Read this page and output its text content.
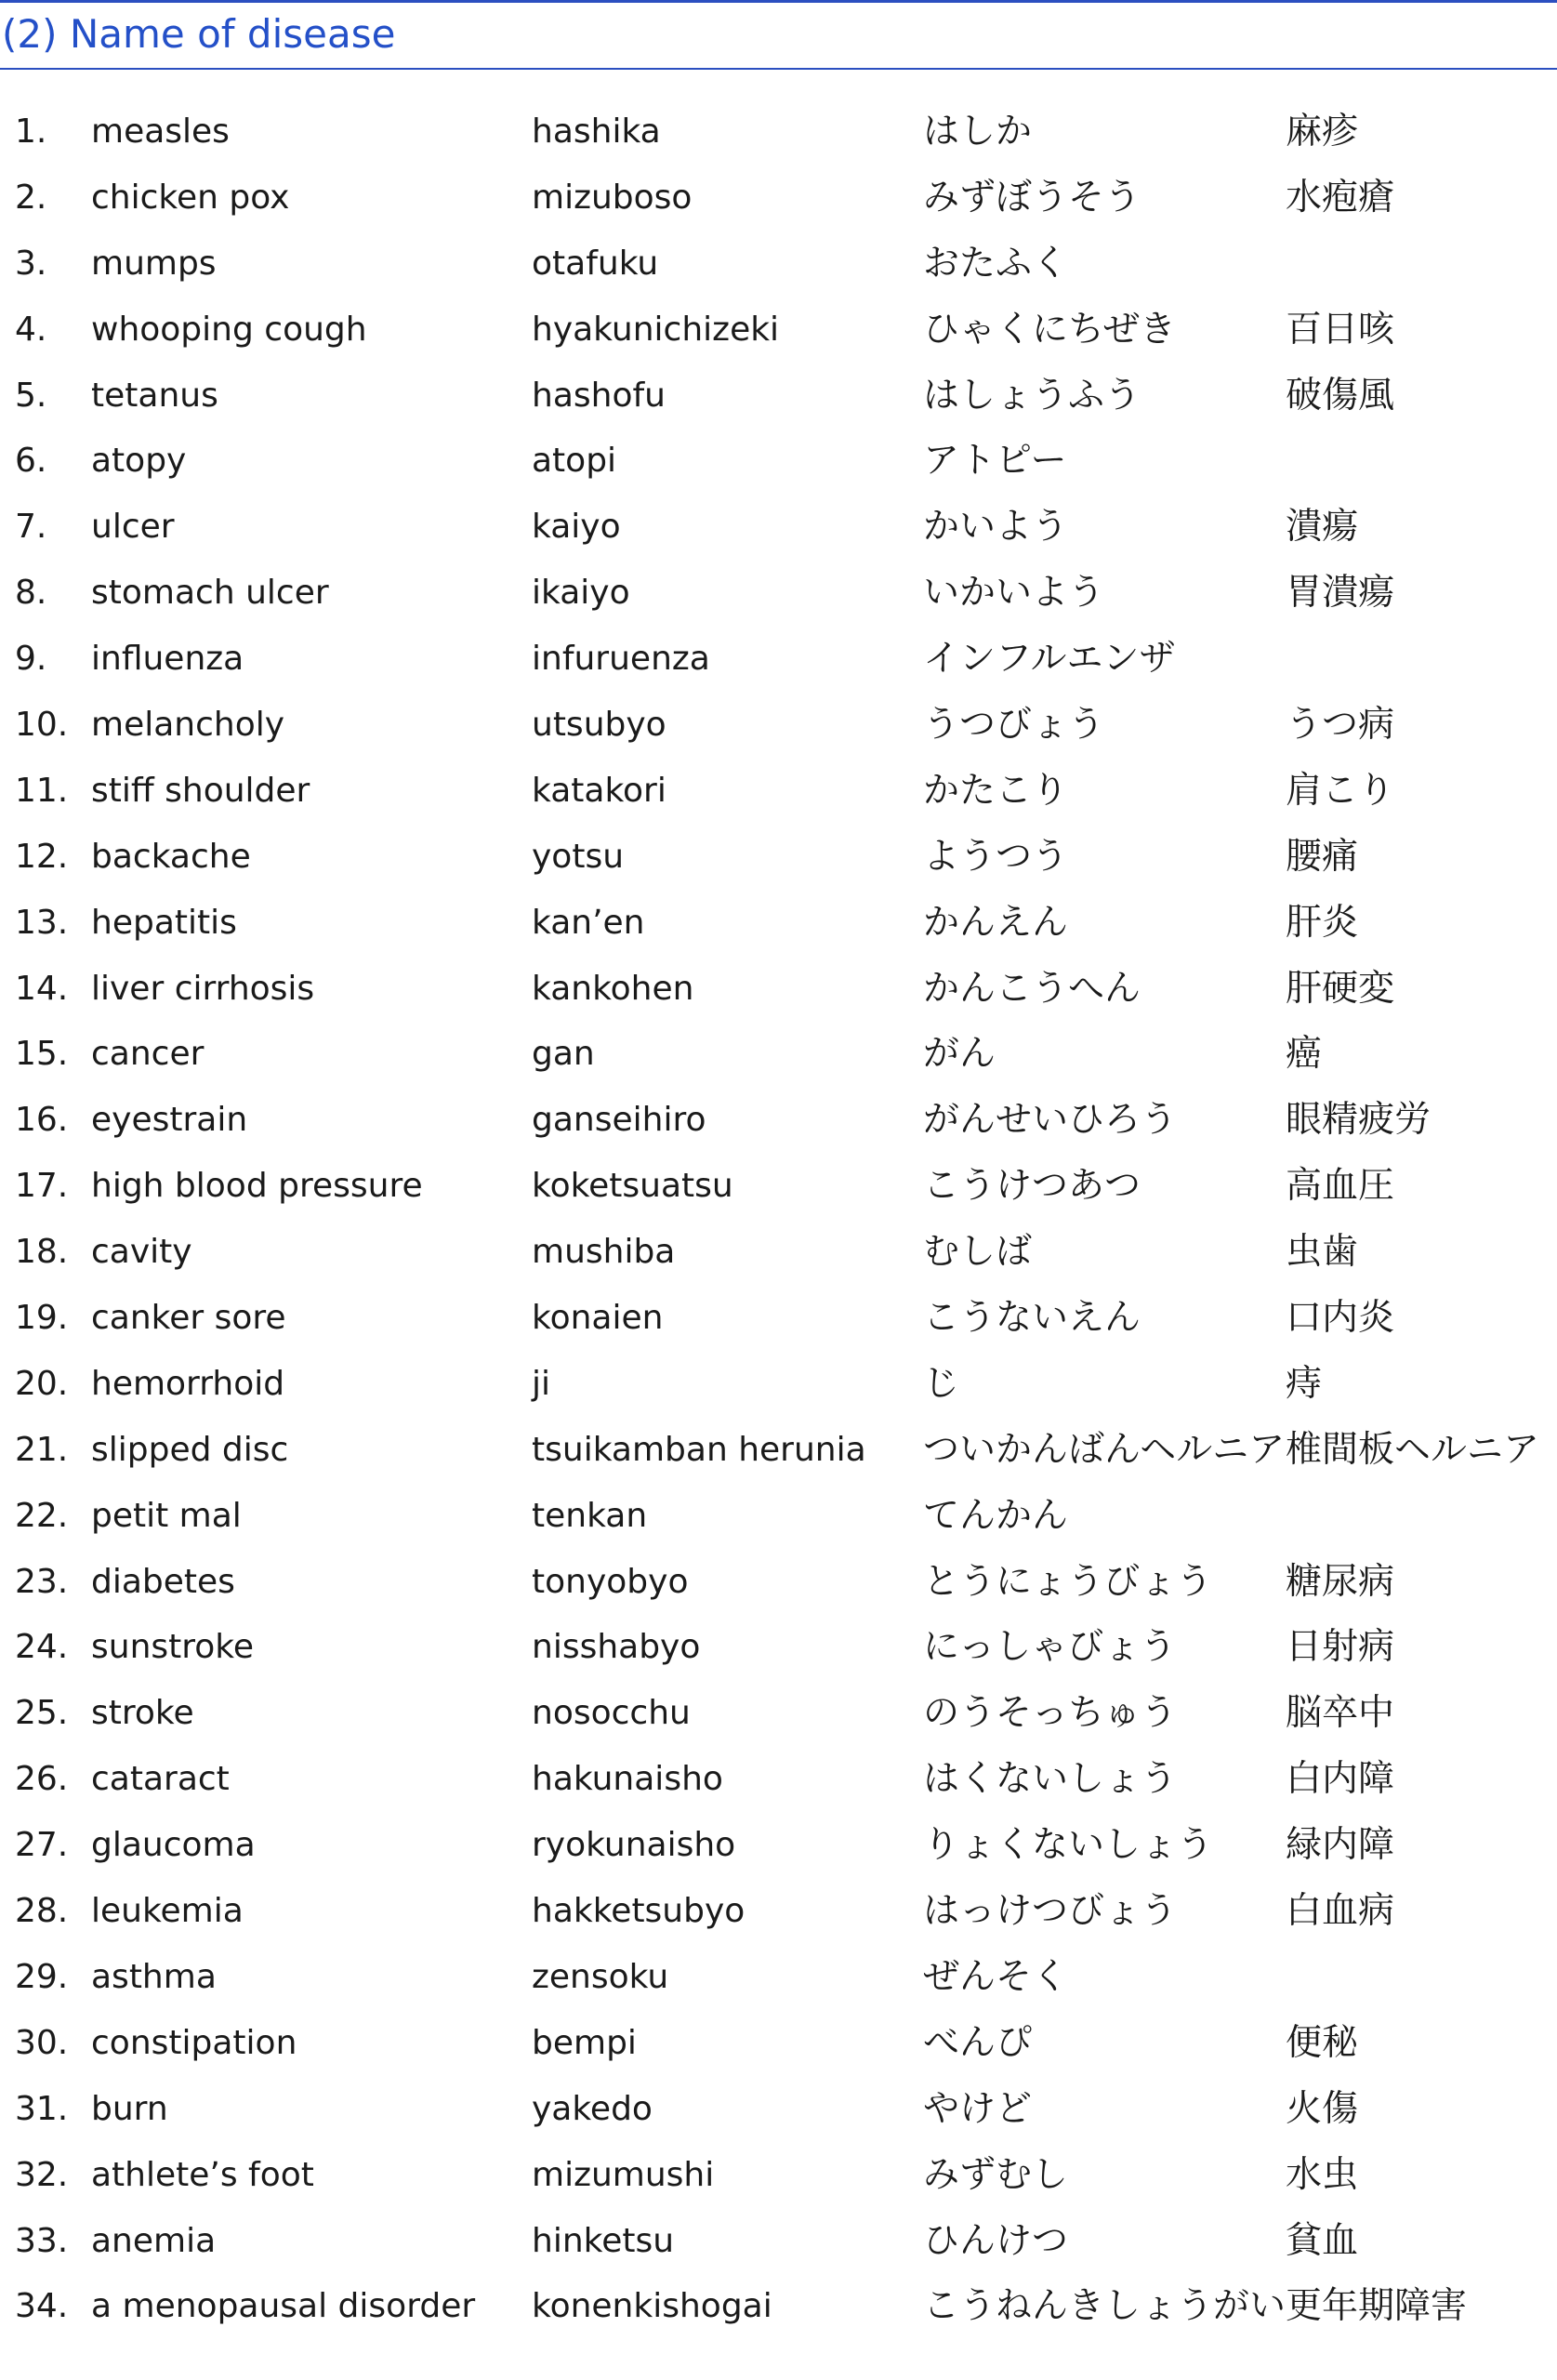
(2) Name of disease
1.	measles	hashika	はしか	麻疹
2.	chicken pox	mizuboso	みずぼうそう	水疱瘡
3.	mumps	otafuku	おたふく
4.	whooping cough	hyakunichizeki	ひゃくにちぜき	百日咳
5.	tetanus	hashofu	はしょうふう	破傷風
6.	atopy	atopi	アトピー
7.	ulcer	kaiyo	かいよう	潰瘍
8.	stomach ulcer	ikaiyo	いかいよう	胃潰瘍
9.	influenza	infuruenza	インフルエンザ
10. melancholy	utsubyo	うつびょう	うつ病
11. stiff shoulder	katakori	かたこり	肩こり
12. backache	yotsu	ようつう	腰痛
13. hepatitis	kan’en	かんえん	肝炎
14. liver cirrhosis	kankohen	かんこうへん	肝硬変
15. cancer	gan	がん	癌
16. eyestrain	ganseihiro	がんせいひろう	眼精疲労
17. high blood pressure	koketsuatsu	こうけつあつ	高血圧
18. cavity	mushiba	むしば	虫歯
19. canker sore	konaien	こうないえん	口内炎
20. hemorrhoid	ji	じ	痔
21. slipped disc	tsuikamban herunia	ついかんばんヘルニア 椎間板ヘルニア
22. petit mal	tenkan	てんかん
23. diabetes	tonyobyo	とうにょうびょう	糖尿病
24. sunstroke	nisshabyo	にっしゃびょう	日射病
25. stroke	nosocchu	のうそっちゅう	脳卒中
26. cataract	hakunaisho	はくないしょう	白内障
27. glaucoma	ryokunaisho	りょくないしょう	緑内障
28. leukemia	hakketsubyo	はっけつびょう	白血病
29. asthma	zensoku	ぜんそく
30. constipation	bempi	べんぴ	便秘
31. burn	yakedo	やけど	火傷
32. athlete’s foot	mizumushi	みずむし	水虫
33. anemia	hinketsu	ひんけつ	貧血
34. a menopausal disorder	konenkishogai	こうねんきしょうがい 更年期障害
